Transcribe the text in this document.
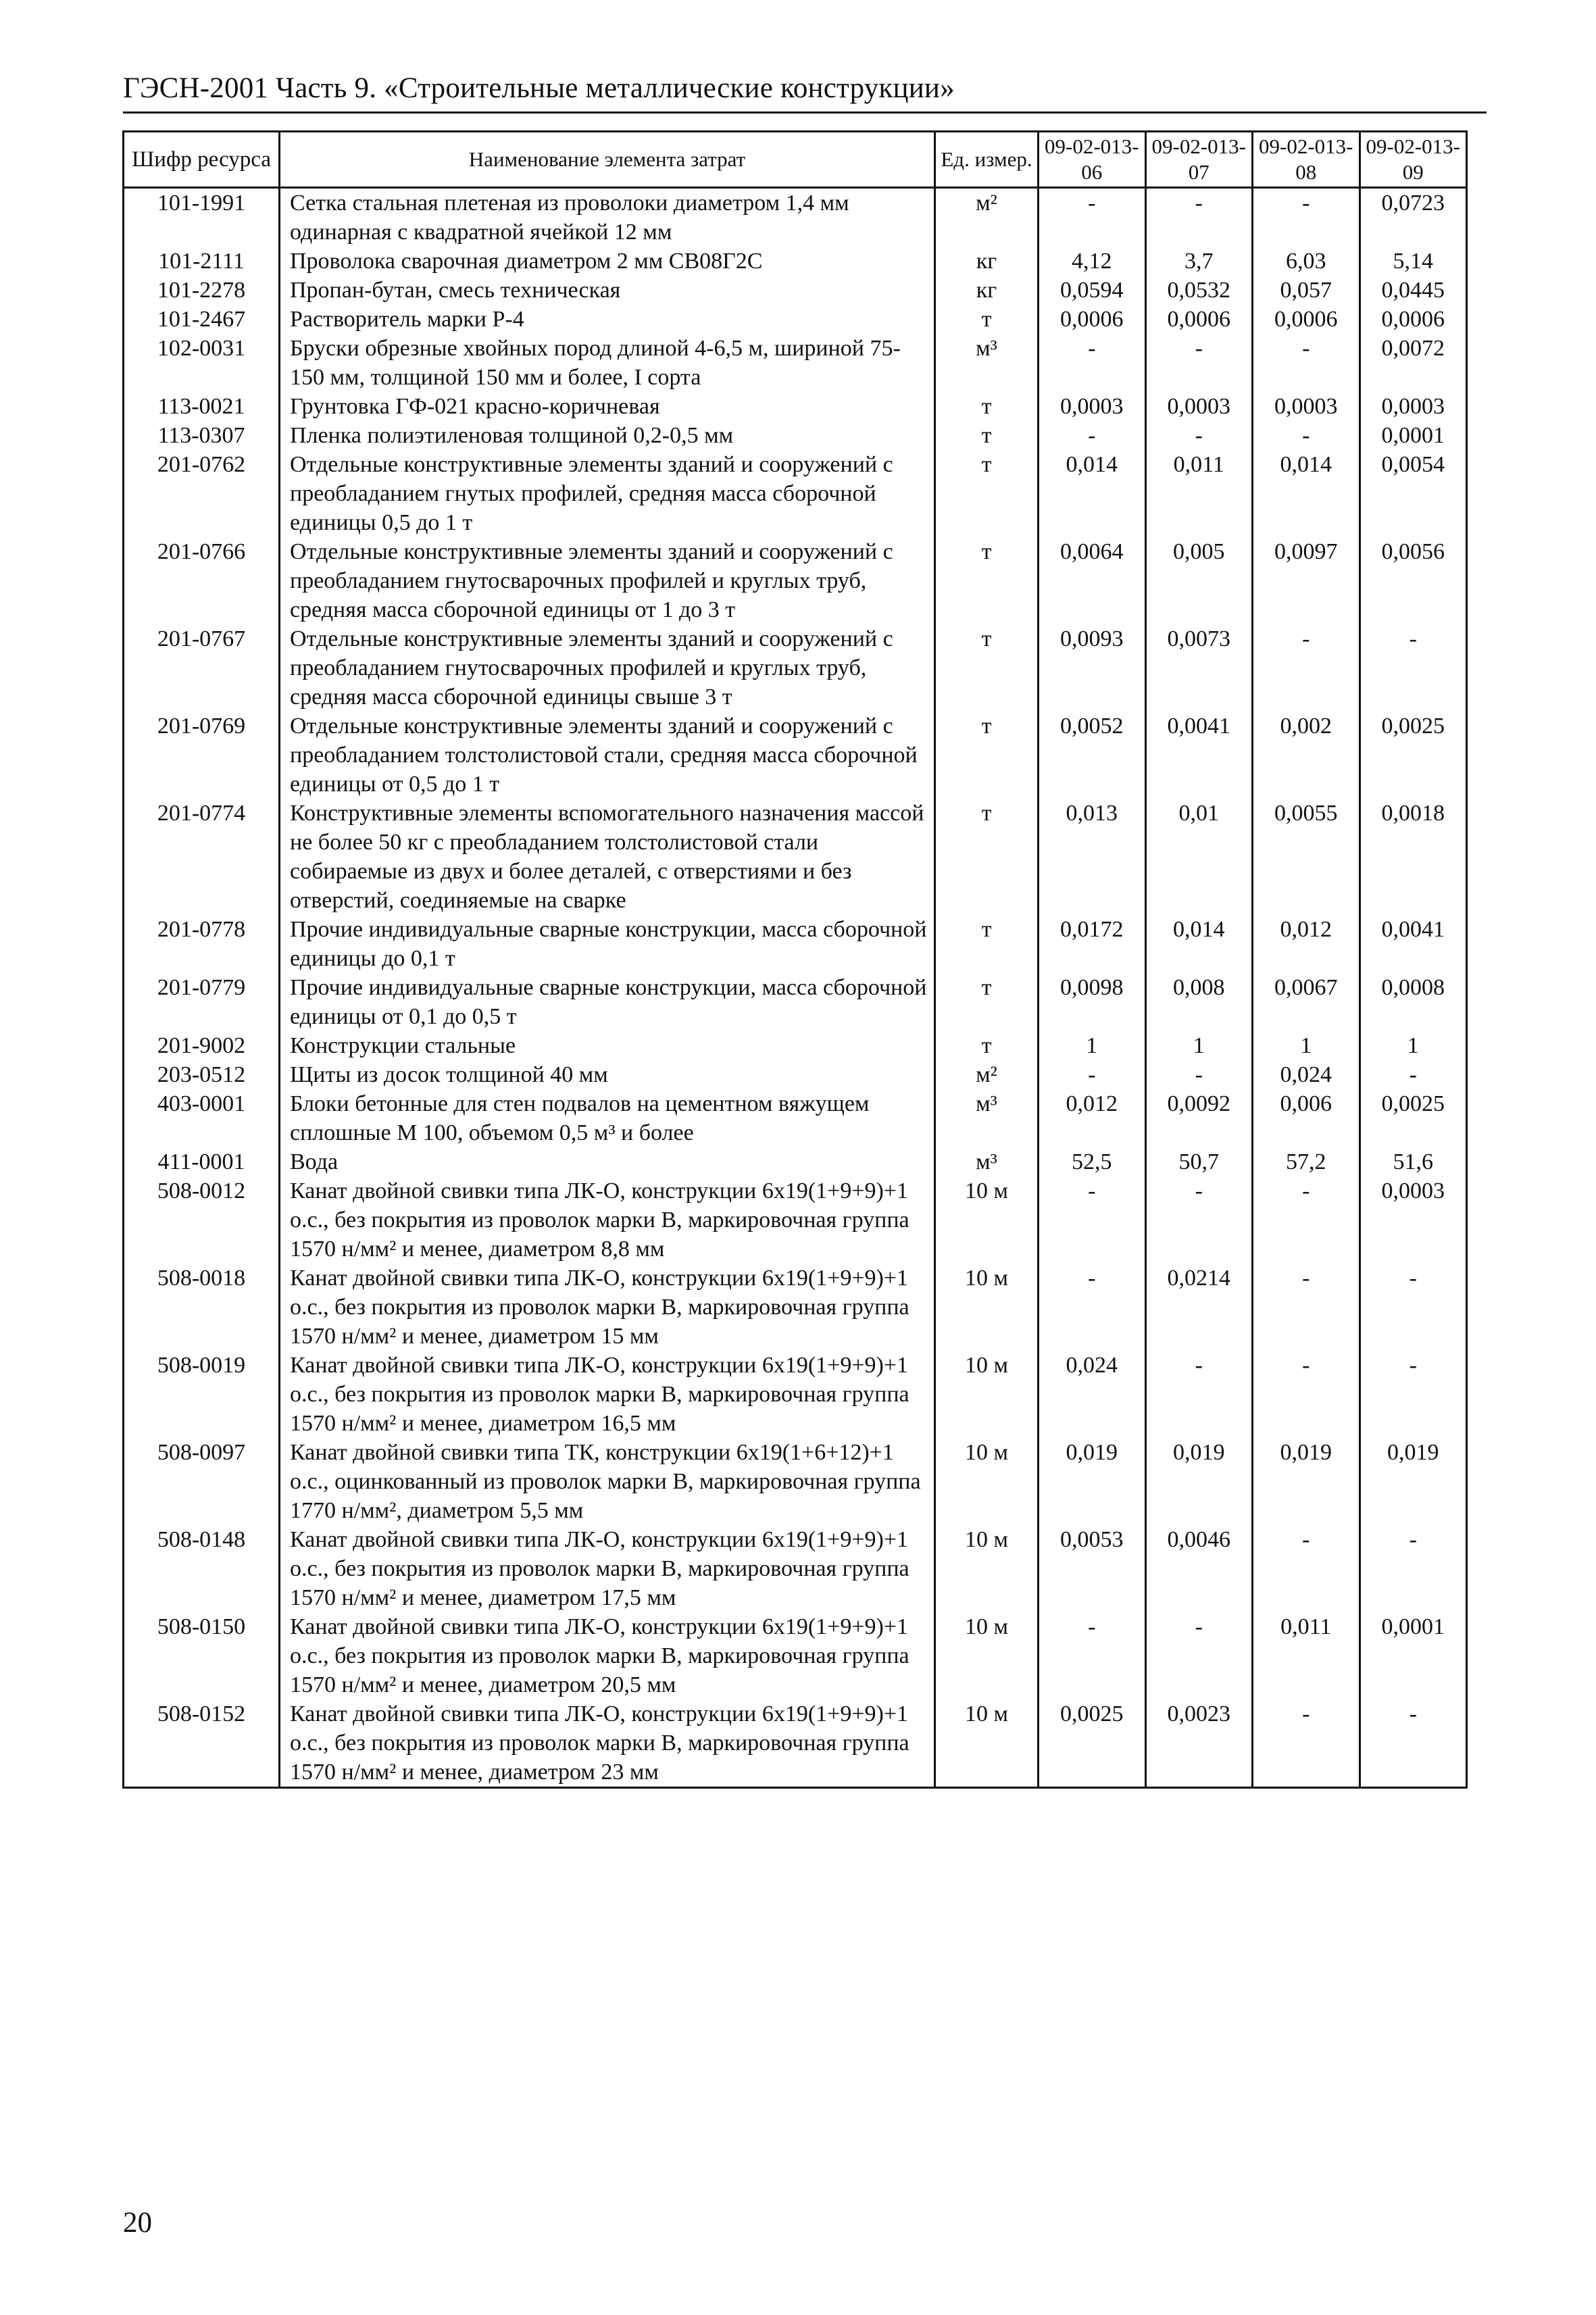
ГЭСН-2001 Часть 9. «Строительные металлические конструкции»
Шифр ресурса	Наименование элемента затрат	Ед. измер.	09-02-013-06	09-02-013-07	09-02-013-08	09-02-013-09
101-1991	Сетка стальная плетеная из проволоки диаметром 1,4 мм одинарная с квадратной ячейкой 12 мм	м²	-	-	-	0,0723
101-2111	Проволока сварочная диаметром 2 мм СВ08Г2С	кг	4,12	3,7	6,03	5,14
101-2278	Пропан-бутан, смесь техническая	кг	0,0594	0,0532	0,057	0,0445
101-2467	Растворитель марки Р-4	т	0,0006	0,0006	0,0006	0,0006
102-0031	Бруски обрезные хвойных пород длиной 4-6,5 м, шириной 75-150 мм, толщиной 150 мм и более, I сорта	м³	-	-	-	0,0072
113-0021	Грунтовка ГФ-021 красно-коричневая	т	0,0003	0,0003	0,0003	0,0003
113-0307	Пленка полиэтиленовая толщиной 0,2-0,5 мм	т	-	-	-	0,0001
201-0762	Отдельные конструктивные элементы зданий и сооружений с преобладанием гнутых профилей, средняя масса сборочной единицы 0,5 до 1 т	т	0,014	0,011	0,014	0,0054
201-0766	Отдельные конструктивные элементы зданий и сооружений с преобладанием гнутосварочных профилей и круглых труб, средняя масса сборочной единицы от 1 до 3 т	т	0,0064	0,005	0,0097	0,0056
201-0767	Отдельные конструктивные элементы зданий и сооружений с преобладанием гнутосварочных профилей и круглых труб, средняя масса сборочной единицы свыше 3 т	т	0,0093	0,0073	-	-
201-0769	Отдельные конструктивные элементы зданий и сооружений с преобладанием толстолистовой стали, средняя масса сборочной единицы от 0,5 до 1 т	т	0,0052	0,0041	0,002	0,0025
201-0774	Конструктивные элементы вспомогательного назначения массой не более 50 кг с преобладанием толстолистовой стали собираемые из двух и более деталей, с отверстиями и без отверстий, соединяемые на сварке	т	0,013	0,01	0,0055	0,0018
201-0778	Прочие индивидуальные сварные конструкции, масса сборочной единицы до 0,1 т	т	0,0172	0,014	0,012	0,0041
201-0779	Прочие индивидуальные сварные конструкции, масса сборочной единицы от 0,1 до 0,5 т	т	0,0098	0,008	0,0067	0,0008
201-9002	Конструкции стальные	т	1	1	1	1
203-0512	Щиты из досок толщиной 40 мм	м²	-	-	0,024	-
403-0001	Блоки бетонные для стен подвалов на цементном вяжущем сплошные М 100, объемом 0,5 м³ и более	м³	0,012	0,0092	0,006	0,0025
411-0001	Вода	м³	52,5	50,7	57,2	51,6
508-0012	Канат двойной свивки типа ЛК-О, конструкции 6х19(1+9+9)+1 о.с., без покрытия из проволок марки В, маркировочная группа 1570 н/мм² и менее, диаметром 8,8 мм	10 м	-	-	-	0,0003
508-0018	Канат двойной свивки типа ЛК-О, конструкции 6х19(1+9+9)+1 о.с., без покрытия из проволок марки В, маркировочная группа 1570 н/мм² и менее, диаметром 15 мм	10 м	-	0,0214	-	-
508-0019	Канат двойной свивки типа ЛК-О, конструкции 6х19(1+9+9)+1 о.с., без покрытия из проволок марки В, маркировочная группа 1570 н/мм² и менее, диаметром 16,5 мм	10 м	0,024	-	-	-
508-0097	Канат двойной свивки типа ТК, конструкции 6х19(1+6+12)+1 о.с., оцинкованный из проволок марки В, маркировочная группа 1770 н/мм², диаметром 5,5 мм	10 м	0,019	0,019	0,019	0,019
508-0148	Канат двойной свивки типа ЛК-О, конструкции 6х19(1+9+9)+1 о.с., без покрытия из проволок марки В, маркировочная группа 1570 н/мм² и менее, диаметром 17,5 мм	10 м	0,0053	0,0046	-	-
508-0150	Канат двойной свивки типа ЛК-О, конструкции 6х19(1+9+9)+1 о.с., без покрытия из проволок марки В, маркировочная группа 1570 н/мм² и менее, диаметром 20,5 мм	10 м	-	-	0,011	0,0001
508-0152	Канат двойной свивки типа ЛК-О, конструкции 6х19(1+9+9)+1 о.с., без покрытия из проволок марки В, маркировочная группа 1570 н/мм² и менее, диаметром 23 мм	10 м	0,0025	0,0023	-	-
20
